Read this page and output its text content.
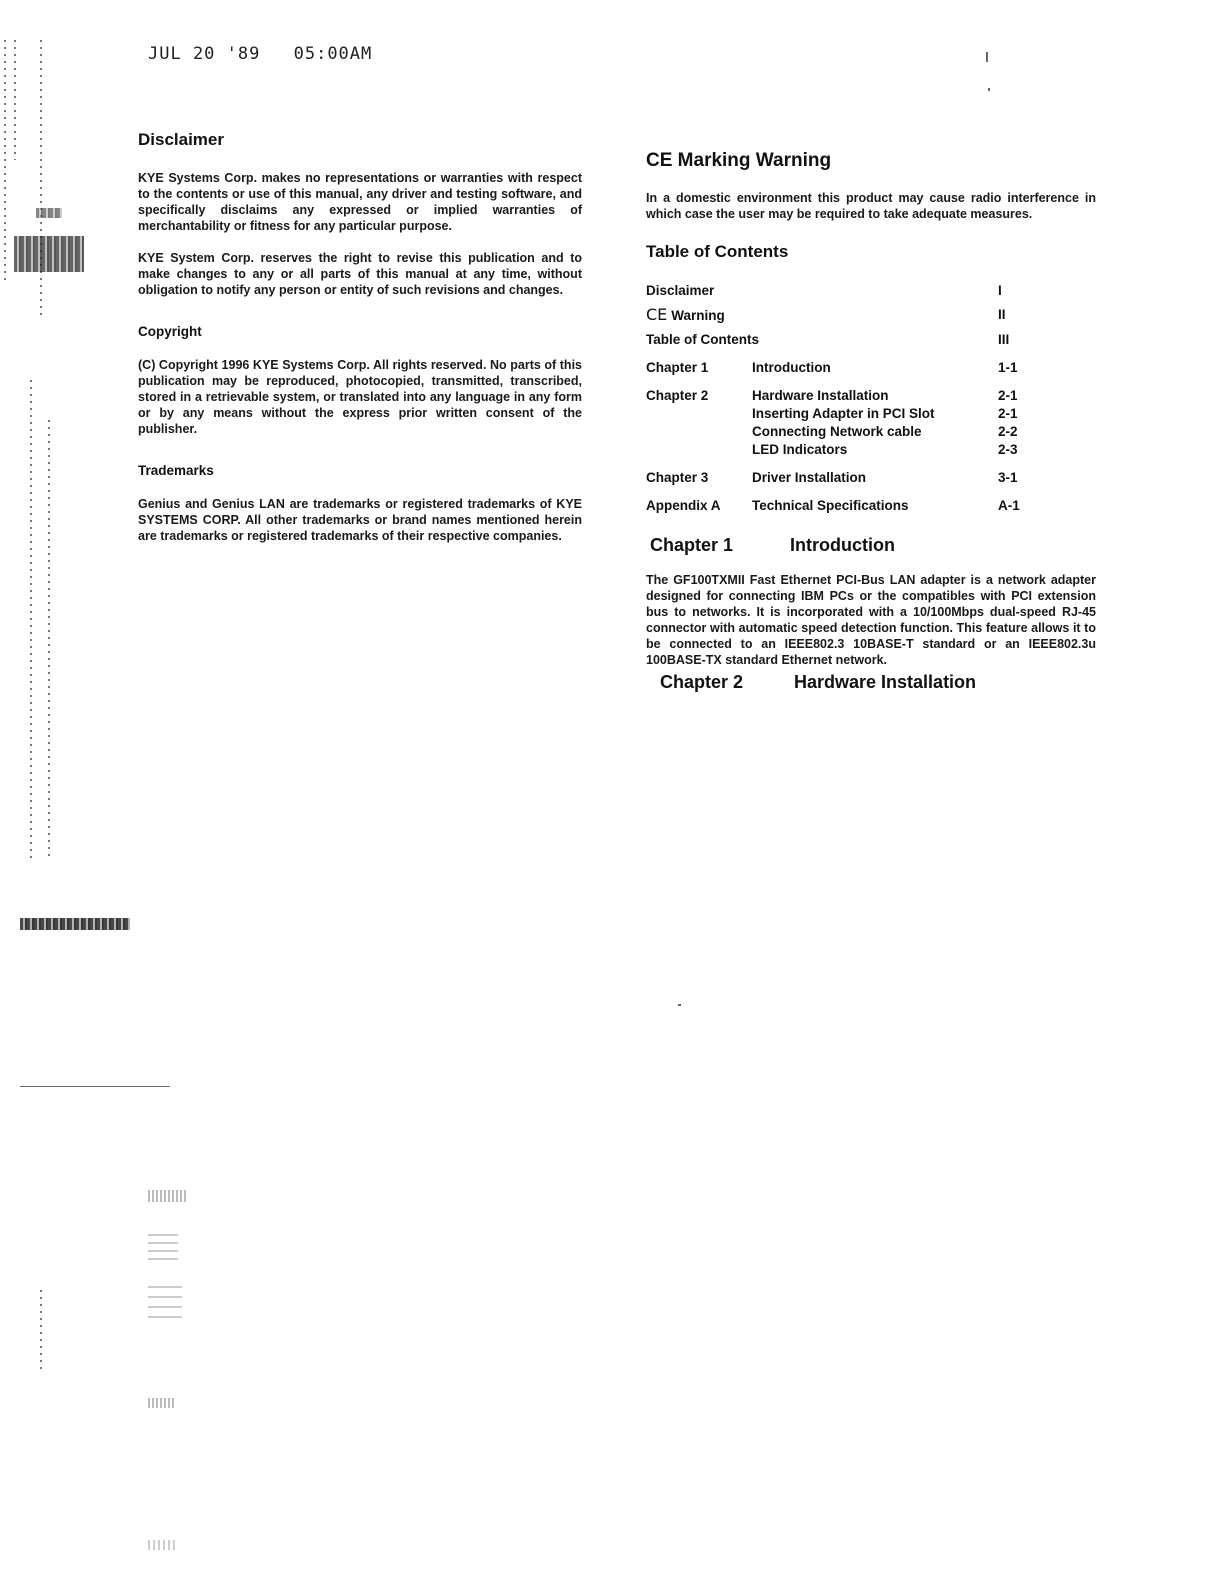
JUL 20 '89 05:00AM
Disclaimer

KYE Systems Corp. makes no representations or warranties with respect to the contents or use of this manual, any driver and testing software, and specifically disclaims any expressed or implied warranties of merchantability or fitness for any particular purpose.

KYE System Corp. reserves the right to revise this publication and to make changes to any or all parts of this manual at any time, without obligation to notify any person or entity of such revisions and changes.

Copyright

(C) Copyright 1996 KYE Systems Corp. All rights reserved. No parts of this publication may be reproduced, photocopied, transmitted, transcribed, stored in a retrievable system, or translated into any language in any form or by any means without the express prior written consent of the publisher.

Trademarks

Genius and Genius LAN are trademarks or registered trademarks of KYE SYSTEMS CORP. All other trademarks or brand names mentioned herein are trademarks or registered trademarks of their respective companies.

CE Marking Warning

In a domestic environment this product may cause radio interference in which case the user may be required to take adequate measures.

Table of Contents
Disclaimer	I
CE Warning	II
Table of Contents	III
Chapter 1	Introduction	1-1
Chapter 2	Hardware Installation	2-1
Inserting Adapter in PCI Slot	2-1
Connecting Network cable	2-2
LED Indicators	2-3
Chapter 3	Driver Installation	3-1
Appendix A	Technical Specifications	A-1
Chapter 1	Introduction

The GF100TXMII Fast Ethernet PCI-Bus LAN adapter is a network adapter designed for connecting IBM PCs or the compatibles with PCI extension bus to networks. It is incorporated with a 10/100Mbps dual-speed RJ-45 connector with automatic speed detection function. This feature allows it to be connected to an IEEE802.3 10BASE-T standard or an IEEE802.3u 100BASE-TX standard Ethernet network.

Chapter 2	Hardware Installation
